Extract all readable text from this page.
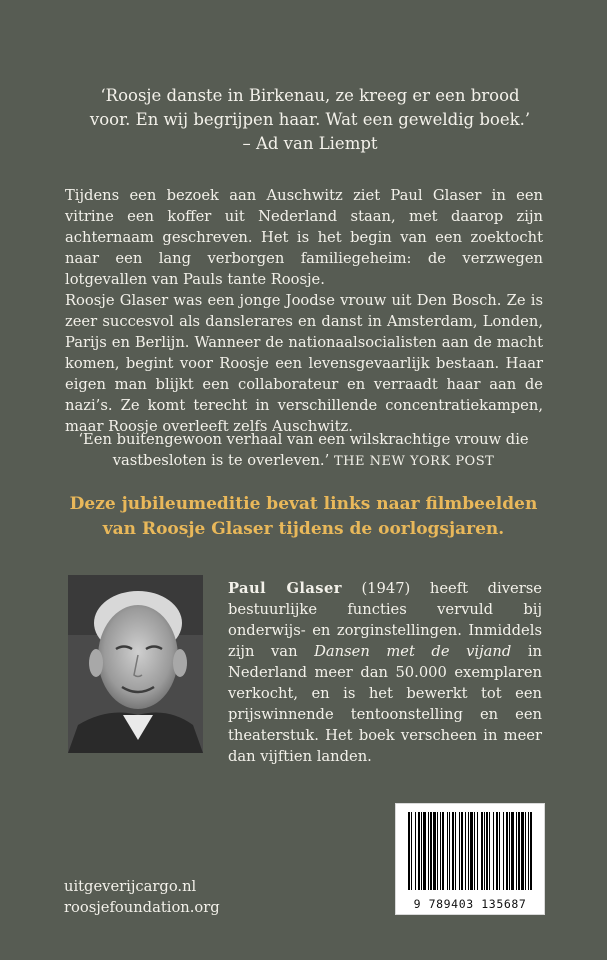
‘Roosje danste in Birkenau, ze kreeg er een brood
voor. En wij begrijpen haar. Wat een geweldig boek.’
– Ad van Liempt

Tijdens een bezoek aan Auschwitz ziet Paul Glaser in een vitrine een koffer uit Nederland staan, met daarop zijn achternaam geschreven. Het is het begin van een zoektocht naar een lang verborgen familiegeheim: de verzwegen lotgevallen van Pauls tante Roosje.

Roosje Glaser was een jonge Joodse vrouw uit Den Bosch. Ze is zeer succesvol als danslerares en danst in Amsterdam, Londen, Parijs en Berlijn. Wanneer de nationaalsocialisten aan de macht komen, begint voor Roosje een levensgevaarlijk bestaan. Haar eigen man blijkt een collaborateur en verraadt haar aan de nazi’s. Ze komt terecht in verschillende concentratiekampen, maar Roosje overleeft zelfs Auschwitz.

‘Een buitengewoon verhaal van een wilskrachtige vrouw die
vastbesloten is te overleven.’ THE NEW YORK POST
Deze jubileumeditie bevat links naar filmbeelden
van Roosje Glaser tijdens de oorlogsjaren.
Paul Glaser (1947) heeft diverse bestuurlijke functies vervuld bij onderwijs- en zorginstellingen. Inmiddels zijn van Dansen met de vijand in Nederland meer dan 50.000 exemplaren verkocht, en is het bewerkt tot een prijswinnende tentoonstelling en een theaterstuk. Het boek verscheen in meer dan vijftien landen.
uitgeverijcargo.nl
roosjefoundation.org	9 789403 135687
